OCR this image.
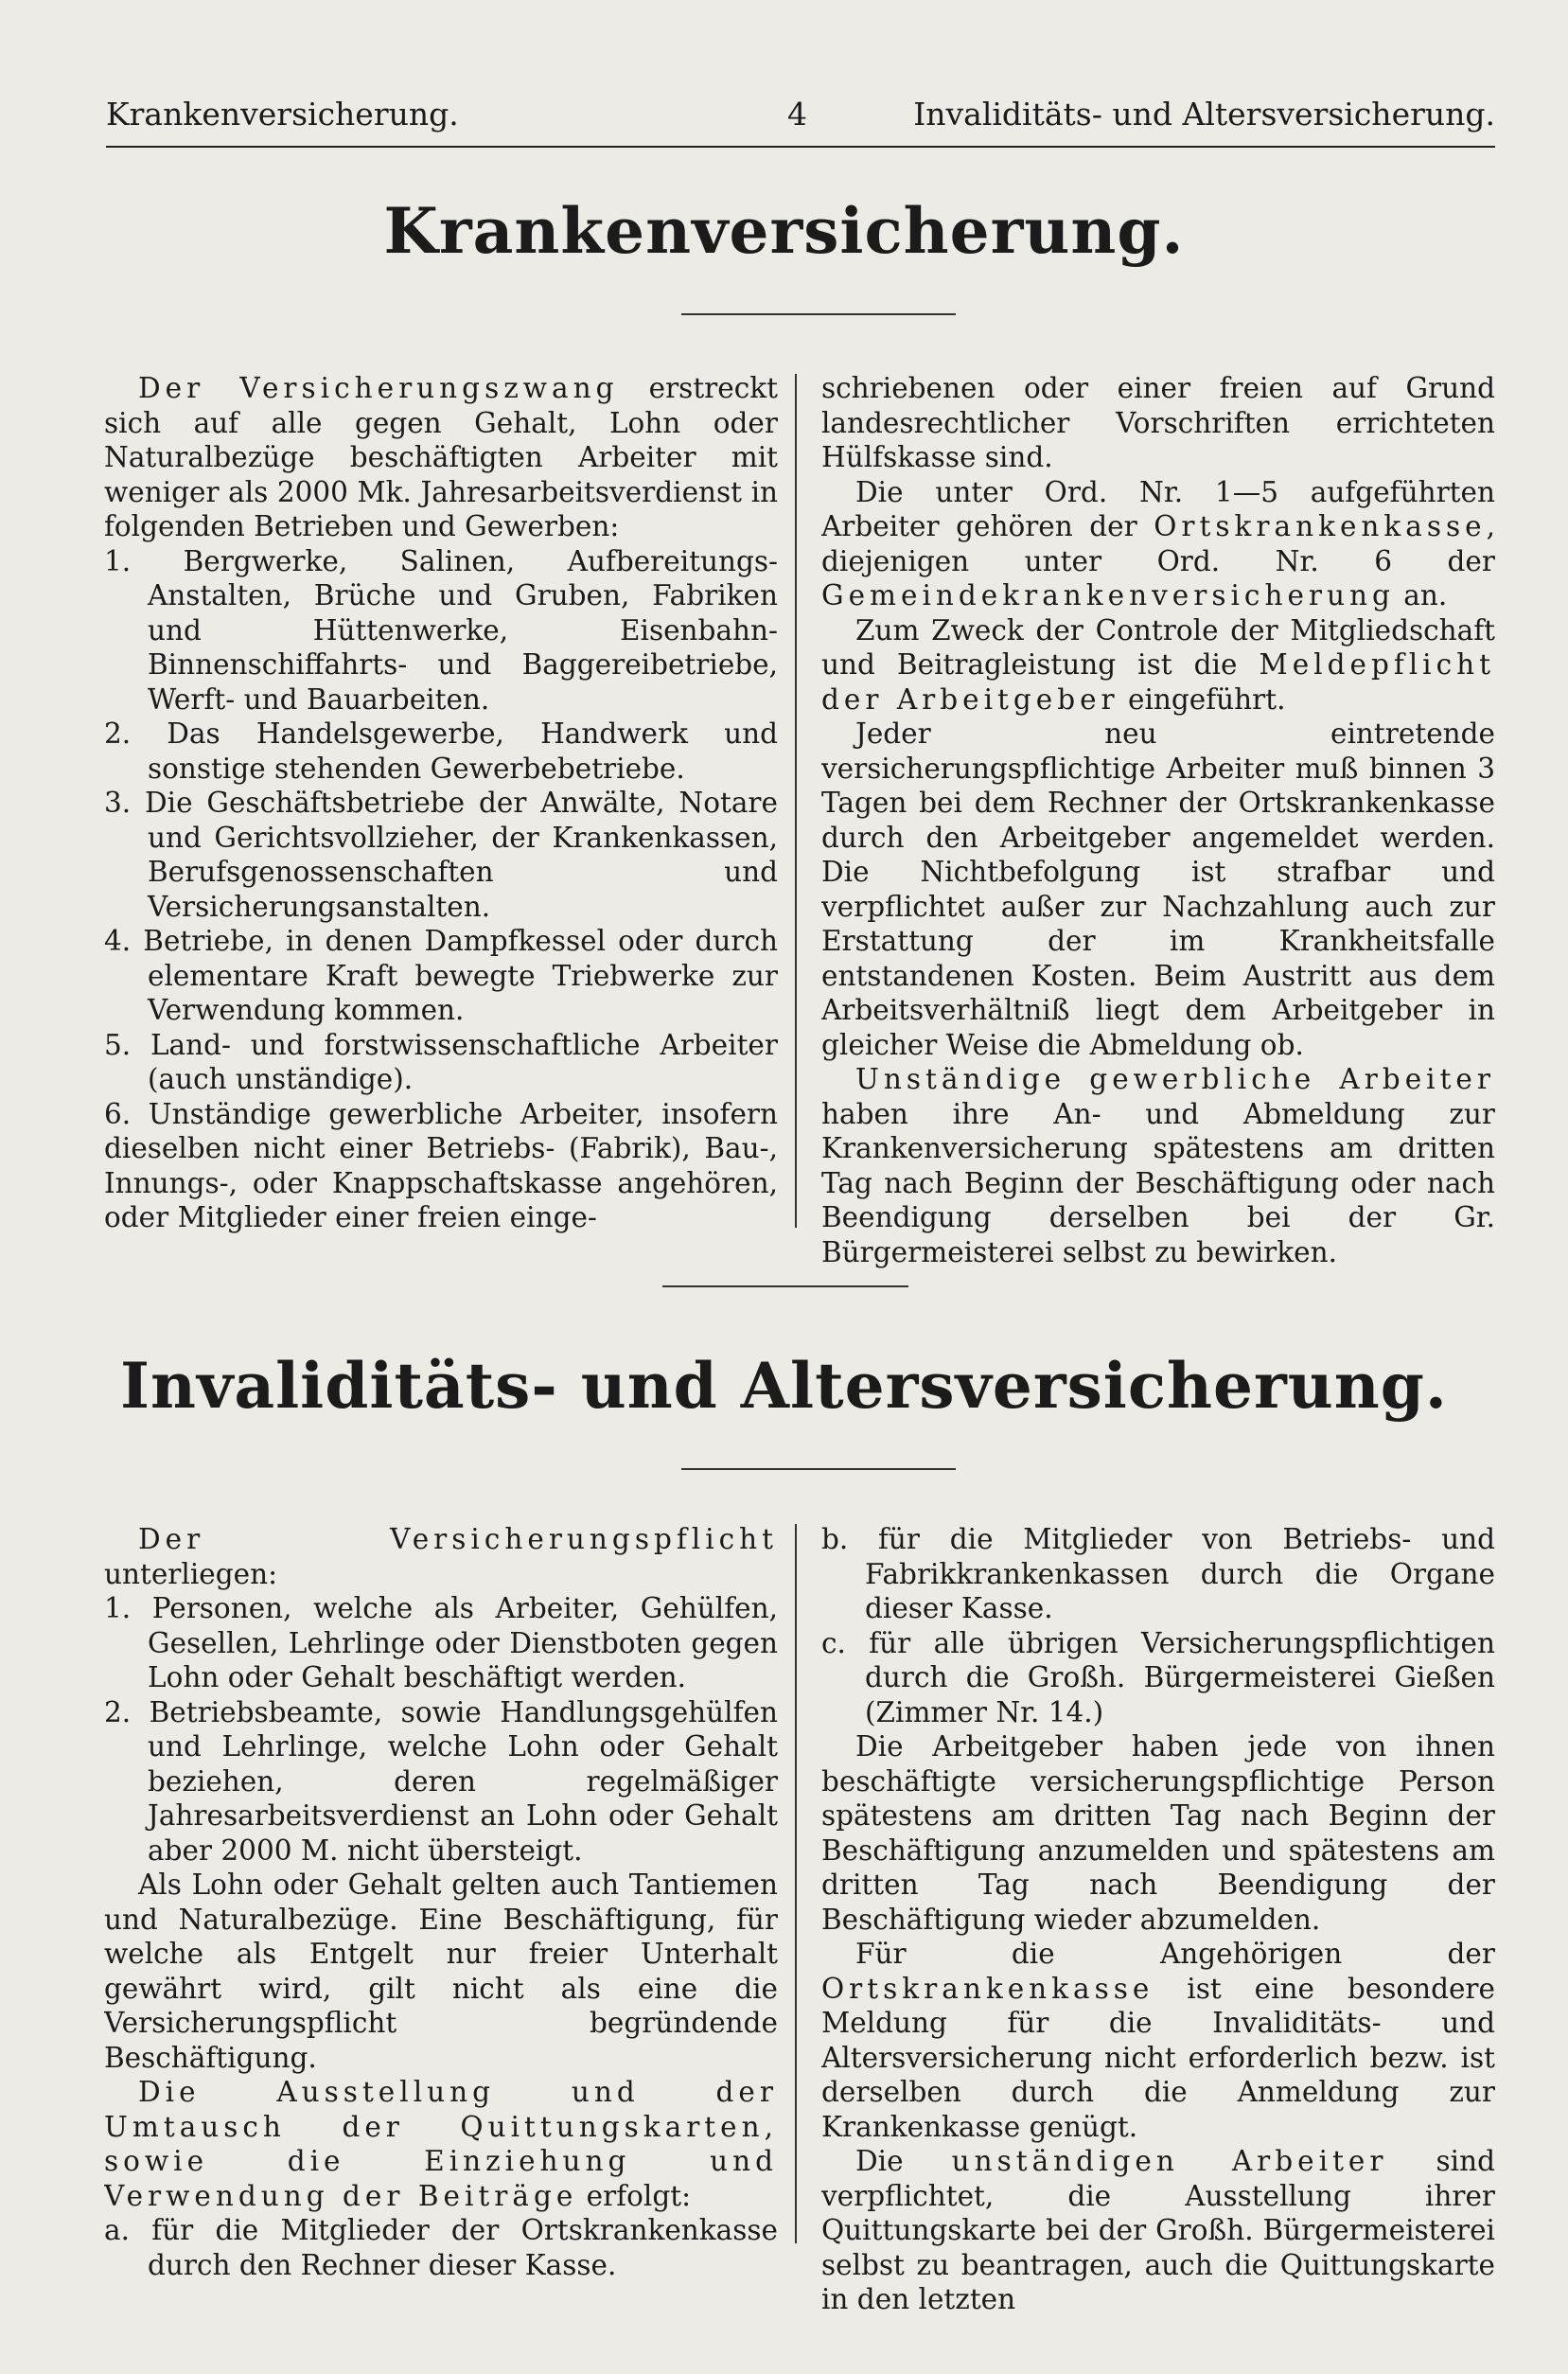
Krankenversicherung.	4	Invaliditäts- und Altersversicherung.
Krankenversicherung.

Der Versicherungszwang erstreckt sich auf alle gegen Gehalt, Lohn oder Naturalbezüge beschäftigten Arbeiter mit weniger als 2000 Mk. Jahresarbeitsverdienst in folgenden Betrieben und Gewerben:

1. Bergwerke, Salinen, Aufbereitungs-Anstalten, Brüche und Gruben, Fabriken und Hüttenwerke, Eisenbahn- Binnenschiffahrts- und Baggereibetriebe, Werft- und Bauarbeiten.

2. Das Handelsgewerbe, Handwerk und sonstige stehenden Gewerbebetriebe.

3. Die Geschäftsbetriebe der Anwälte, Notare und Gerichtsvollzieher, der Krankenkassen, Berufsgenossenschaften und Versicherungsanstalten.

4. Betriebe, in denen Dampfkessel oder durch elementare Kraft bewegte Triebwerke zur Verwendung kommen.

5. Land- und forstwissenschaftliche Arbeiter (auch unständige).

6. Unständige gewerbliche Arbeiter, insofern dieselben nicht einer Betriebs- (Fabrik), Bau-, Innungs-, oder Knappschaftskasse angehören, oder Mitglieder einer freien einge-

schriebenen oder einer freien auf Grund landesrechtlicher Vorschriften errichteten Hülfskasse sind.

Die unter Ord. Nr. 1—5 aufgeführten Arbeiter gehören der Ortskrankenkasse, diejenigen unter Ord. Nr. 6 der Gemeindekrankenversicherung an.

Zum Zweck der Controle der Mitgliedschaft und Beitragleistung ist die Meldepflicht der Arbeitgeber eingeführt.

Jeder neu eintretende versicherungspflichtige Arbeiter muß binnen 3 Tagen bei dem Rechner der Ortskrankenkasse durch den Arbeitgeber angemeldet werden. Die Nichtbefolgung ist strafbar und verpflichtet außer zur Nachzahlung auch zur Erstattung der im Krankheitsfalle entstandenen Kosten. Beim Austritt aus dem Arbeitsverhältniß liegt dem Arbeitgeber in gleicher Weise die Abmeldung ob.

Unständige gewerbliche Arbeiter haben ihre An- und Abmeldung zur Krankenversicherung spätestens am dritten Tag nach Beginn der Beschäftigung oder nach Beendigung derselben bei der Gr. Bürgermeisterei selbst zu bewirken.

Invaliditäts- und Altersversicherung.

Der Versicherungspflicht unterliegen:

1. Personen, welche als Arbeiter, Gehülfen, Gesellen, Lehrlinge oder Dienstboten gegen Lohn oder Gehalt beschäftigt werden.

2. Betriebsbeamte, sowie Handlungsgehülfen und Lehrlinge, welche Lohn oder Gehalt beziehen, deren regelmäßiger Jahresarbeitsverdienst an Lohn oder Gehalt aber 2000 M. nicht übersteigt.

Als Lohn oder Gehalt gelten auch Tantiemen und Naturalbezüge. Eine Beschäftigung, für welche als Entgelt nur freier Unterhalt gewährt wird, gilt nicht als eine die Versicherungspflicht begründende Beschäftigung.

Die Ausstellung und der Umtausch der Quittungskarten, sowie die Einziehung und Verwendung der Beiträge erfolgt:

a. für die Mitglieder der Ortskrankenkasse durch den Rechner dieser Kasse.

b. für die Mitglieder von Betriebs- und Fabrikkrankenkassen durch die Organe dieser Kasse.

c. für alle übrigen Versicherungspflichtigen durch die Großh. Bürgermeisterei Gießen (Zimmer Nr. 14.)

Die Arbeitgeber haben jede von ihnen beschäftigte versicherungspflichtige Person spätestens am dritten Tag nach Beginn der Beschäftigung anzumelden und spätestens am dritten Tag nach Beendigung der Beschäftigung wieder abzumelden.

Für die Angehörigen der Ortskrankenkasse ist eine besondere Meldung für die Invaliditäts- und Altersversicherung nicht erforderlich bezw. ist derselben durch die Anmeldung zur Krankenkasse genügt.

Die unständigen Arbeiter sind verpflichtet, die Ausstellung ihrer Quittungskarte bei der Großh. Bürgermeisterei selbst zu beantragen, auch die Quittungskarte in den letzten
